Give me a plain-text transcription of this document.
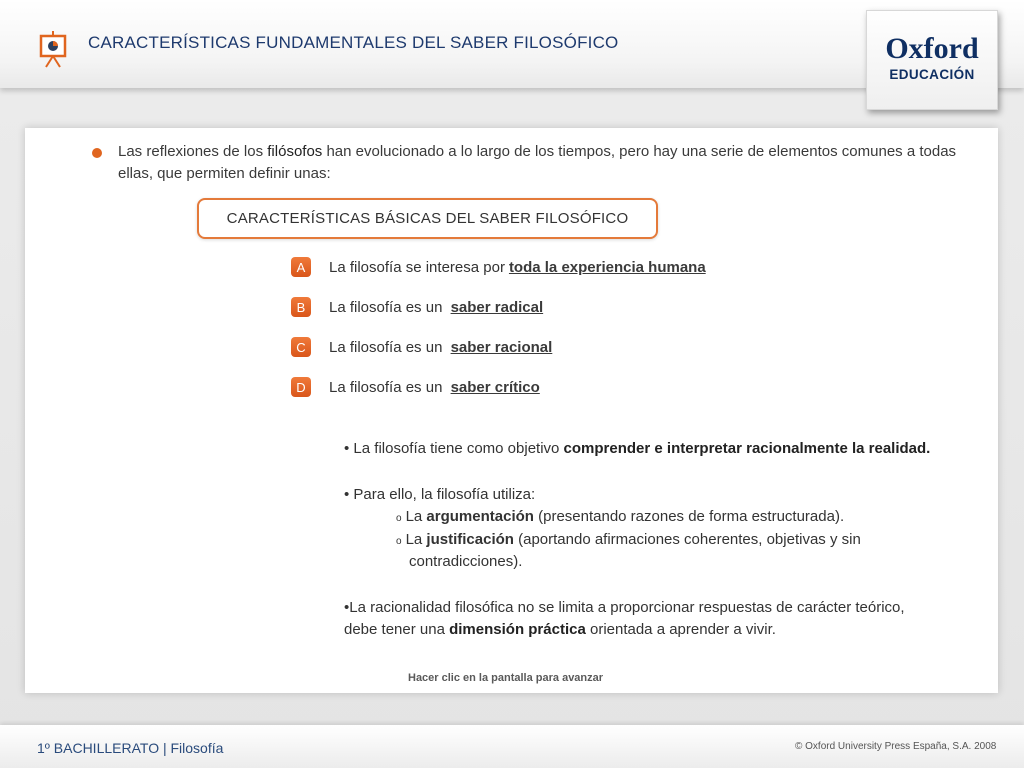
CARACTERÍSTICAS FUNDAMENTALES DEL SABER FILOSÓFICO	Oxford
EDUCACIÓN
Las reflexiones de los filósofos han evolucionado a lo largo de los tiempos, pero hay una serie de elementos comunes a todas ellas, que permiten definir unas:
CARACTERÍSTICAS BÁSICAS DEL SABER FILOSÓFICO
A	La filosofía se interesa por toda la experiencia humana
B	La filosofía es un saber radical
C	La filosofía es un saber racional
D	La filosofía es un saber crítico
• La filosofía tiene como objetivo comprender e interpretar racionalmente la realidad.
• Para ello, la filosofía utiliza:
o La argumentación (presentando razones de forma estructurada).
o La justificación (aportando afirmaciones coherentes, objetivas y sin
contradicciones).
•La racionalidad filosófica no se limita a proporcionar respuestas de carácter teórico,
debe tener una dimensión práctica orientada a aprender a vivir.
Hacer clic en la pantalla para avanzar
1º BACHILLERATO | Filosofía	© Oxford University Press España, S.A. 2008
